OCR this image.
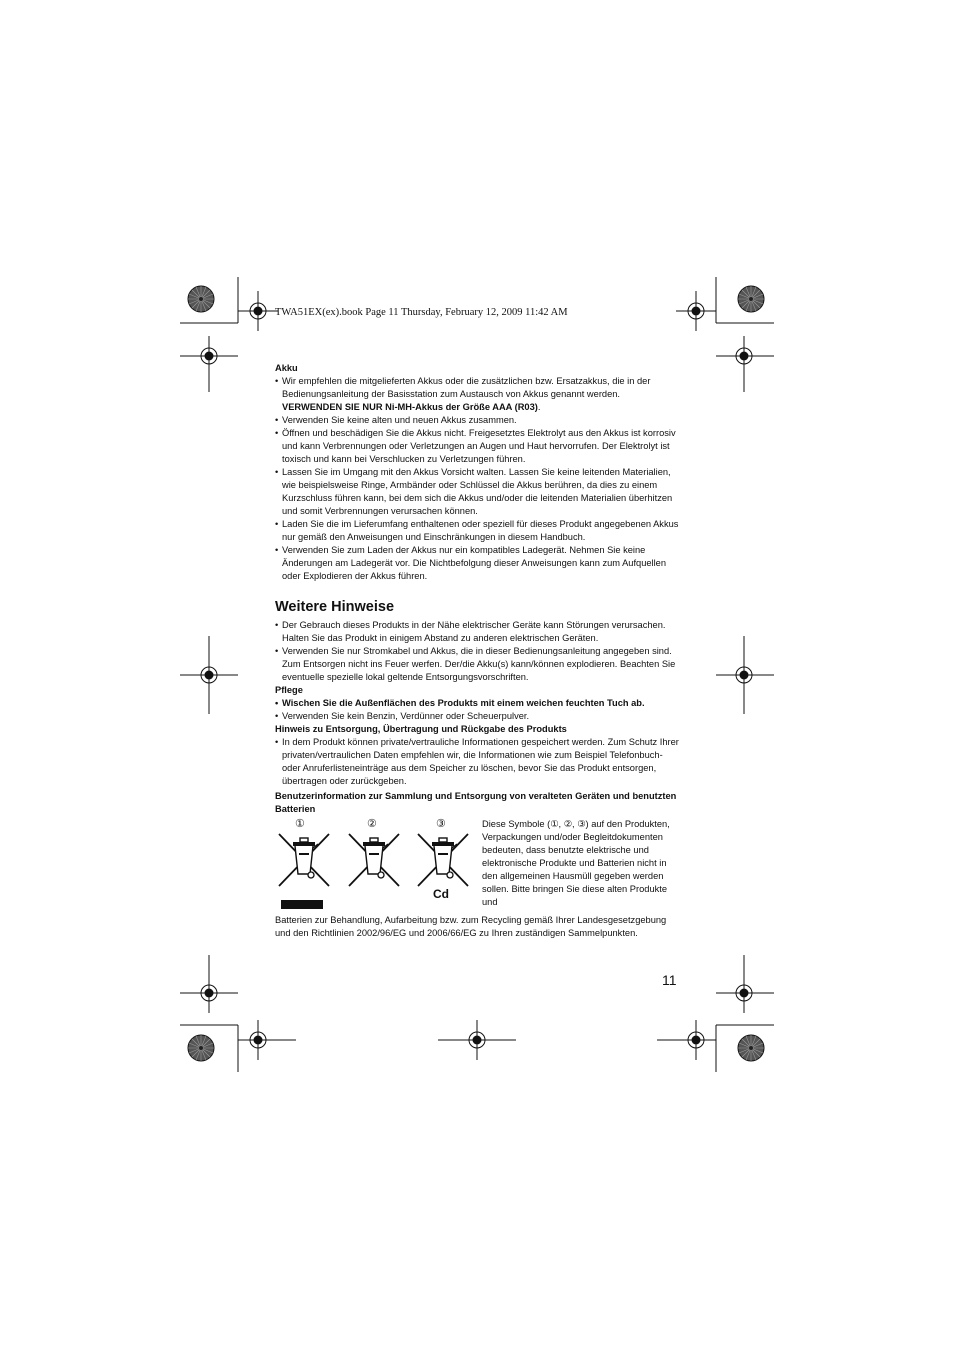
TWA51EX(ex).book Page 11 Thursday, February 12, 2009 11:42 AM

Akku

• Wir empfehlen die mitgelieferten Akkus oder die zusätzlichen bzw. Ersatzakkus, die in der Bedienungsanleitung der Basisstation zum Austausch von Akkus genannt werden.
VERWENDEN SIE NUR Ni-MH-Akkus der Größe AAA (R03).
• Verwenden Sie keine alten und neuen Akkus zusammen.
• Öffnen und beschädigen Sie die Akkus nicht. Freigesetztes Elektrolyt aus den Akkus ist korrosiv und kann Verbrennungen oder Verletzungen an Augen und Haut hervorrufen. Der Elektrolyt ist toxisch und kann bei Verschlucken zu Verletzungen führen.
• Lassen Sie im Umgang mit den Akkus Vorsicht walten. Lassen Sie keine leitenden Materialien, wie beispielsweise Ringe, Armbänder oder Schlüssel die Akkus berühren, da dies zu einem Kurzschluss führen kann, bei dem sich die Akkus und/oder die leitenden Materialien überhitzen und somit Verbrennungen verursachen können.
• Laden Sie die im Lieferumfang enthaltenen oder speziell für dieses Produkt angegebenen Akkus nur gemäß den Anweisungen und Einschränkungen in diesem Handbuch.
• Verwenden Sie zum Laden der Akkus nur ein kompatibles Ladegerät. Nehmen Sie keine Änderungen am Ladegerät vor. Die Nichtbefolgung dieser Anweisungen kann zum Aufquellen oder Explodieren der Akkus führen.
Weitere Hinweise
• Der Gebrauch dieses Produkts in der Nähe elektrischer Geräte kann Störungen verursachen. Halten Sie das Produkt in einigem Abstand zu anderen elektrischen Geräten.
• Verwenden Sie nur Stromkabel und Akkus, die in dieser Bedienungsanleitung angegeben sind. Zum Entsorgen nicht ins Feuer werfen. Der/die Akku(s) kann/können explodieren. Beachten Sie eventuelle spezielle lokal geltende Entsorgungsvorschriften.

Pflege

• Wischen Sie die Außenflächen des Produkts mit einem weichen feuchten Tuch ab.
• Verwenden Sie kein Benzin, Verdünner oder Scheuerpulver.

Hinweis zu Entsorgung, Übertragung und Rückgabe des Produkts

• In dem Produkt können private/vertrauliche Informationen gespeichert werden. Zum Schutz Ihrer privaten/vertraulichen Daten empfehlen wir, die Informationen wie zum Beispiel Telefonbuch- oder Anruferlisteneinträge aus dem Speicher zu löschen, bevor Sie das Produkt entsorgen, übertragen oder zurückgeben.

Benutzerinformation zur Sammlung und Entsorgung von veralteten Geräten und benutzten Batterien

①	②	③
Cd
Diese Symbole (①, ②, ③) auf den Produkten, Verpackungen und/oder Begleitdokumenten bedeuten, dass benutzte elektrische und elektronische Produkte und Batterien nicht in den allgemeinen Hausmüll gegeben werden sollen. Bitte bringen Sie diese alten Produkte und

Batterien zur Behandlung, Aufarbeitung bzw. zum Recycling gemäß Ihrer Landesgesetzgebung und den Richtlinien 2002/96/EG und 2006/66/EG zu Ihren zuständigen Sammelpunkten.

11
